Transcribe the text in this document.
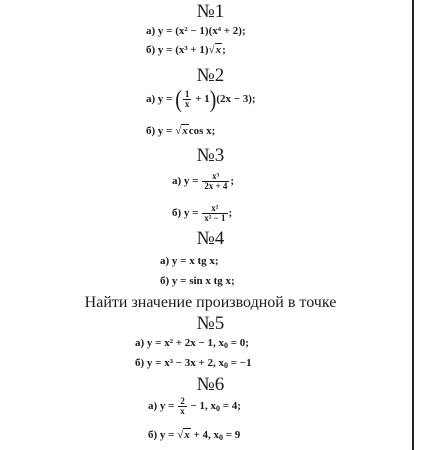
№1
а) y = (x² − 1)(x⁴ + 2);
б) y = (x³ + 1)√x;
№2
а) y = ( $\frac{1}{x} + 1)(2x - 3)$;
б) y = √xcos x;
№3
а) $y = \frac{\text{x³}}{2x + 4}$ ;
б) $y = \frac{\text{x²}}{\text{x² − 1}}$ ;
№4
а) y = x tg x;
б) y = sin x tg x;
Найти значение производной в точке
№5
а) y = x² + 2x − 1, $x_0 = 0$;
б) y = x³ − 3x + 2, $x_0 = -1$
№6
а) $y = \frac{2}{x} - 1$, $x_0 = 4$;
б) y = √x + 4, $x_0 = 9$
